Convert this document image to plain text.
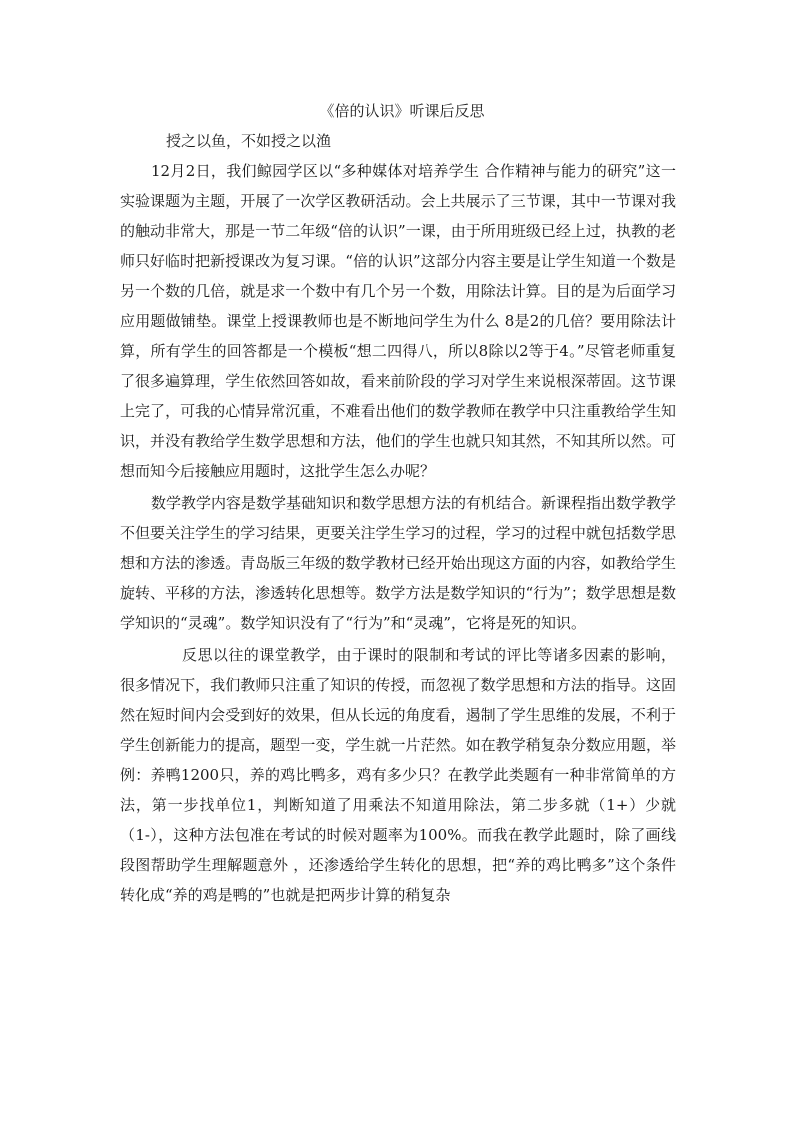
《倍的认识》听课后反思
授之以鱼，不如授之以渔

12月2日，我们鲸园学区以“多种媒体对培养学生 合作精神与能力的研究”这一实验课题为主题，开展了一次学区教研活动。会上共展示了三节课，其中一节课对我的触动非常大，那是一节二年级“倍的认识”一课，由于所用班级已经上过，执教的老师只好临时把新授课改为复习课。“倍的认识”这部分内容主要是让学生知道一个数是另一个数的几倍，就是求一个数中有几个另一个数，用除法计算。目的是为后面学习应用题做铺垫。课堂上授课教师也是不断地问学生为什么 8是2的几倍？要用除法计算，所有学生的回答都是一个模板“想二四得八，所以8除以2等于4。”尽管老师重复了很多遍算理，学生依然回答如故，看来前阶段的学习对学生来说根深蒂固。这节课上完了，可我的心情异常沉重，不难看出他们的数学教师在教学中只注重教给学生知识，并没有教给学生数学思想和方法，他们的学生也就只知其然，不知其所以然。可想而知今后接触应用题时，这批学生怎么办呢？

数学教学内容是数学基础知识和数学思想方法的有机结合。新课程指出数学教学不但要关注学生的学习结果，更要关注学生学习的过程，学习的过程中就包括数学思想和方法的渗透。青岛版三年级的数学教材已经开始出现这方面的内容，如教给学生旋转、平移的方法，渗透转化思想等。数学方法是数学知识的“行为”；数学思想是数学知识的“灵魂”。数学知识没有了“行为”和“灵魂”，它将是死的知识。

反思以往的课堂教学，由于课时的限制和考试的评比等诸多因素的影响，很多情况下，我们教师只注重了知识的传授，而忽视了数学思想和方法的指导。这固然在短时间内会受到好的效果，但从长远的角度看，遏制了学生思维的发展，不利于学生创新能力的提高，题型一变，学生就一片茫然。如在教学稍复杂分数应用题，举例：养鸭1200只，养的鸡比鸭多，鸡有多少只？在教学此类题有一种非常简单的方法，第一步找单位1，判断知道了用乘法不知道用除法，第二步多就（1+）少就（1-），这种方法包准在考试的时候对题率为100%。而我在教学此题时，除了画线段图帮助学生理解题意外 ，还渗透给学生转化的思想，把“养的鸡比鸭多”这个条件转化成“养的鸡是鸭的”也就是把两步计算的稍复杂
